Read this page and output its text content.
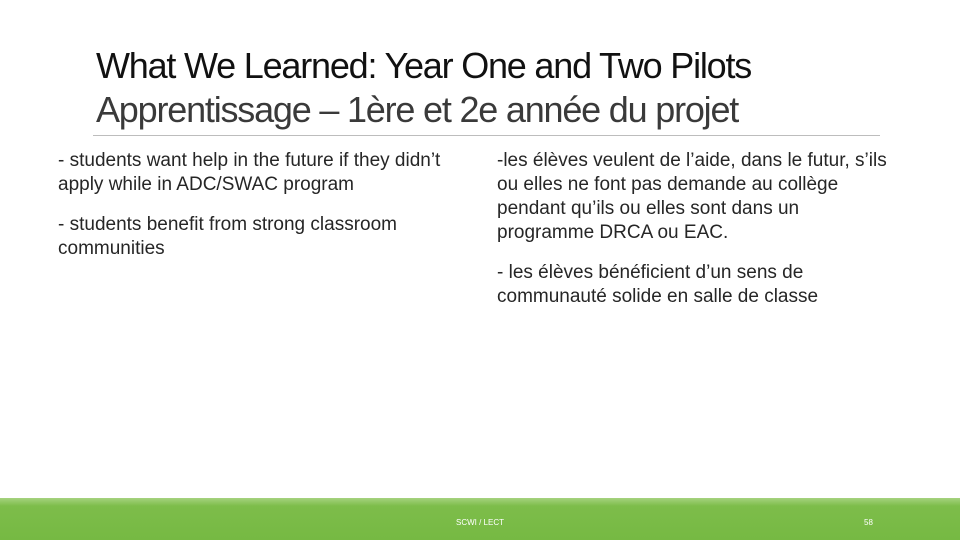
What We Learned: Year One and Two Pilots
Apprentissage – 1ère et 2e année du projet

- students want help in the future if they didn’t apply while in ADC/SWAC program

- students benefit from strong classroom communities

-les élèves veulent de l’aide, dans le futur, s’ils ou elles ne font pas demande au collège pendant qu’ils ou elles sont dans un programme DRCA ou EAC.

- les élèves bénéficient d’un sens de communauté solide en salle de classe

SCWI / LECT	58
